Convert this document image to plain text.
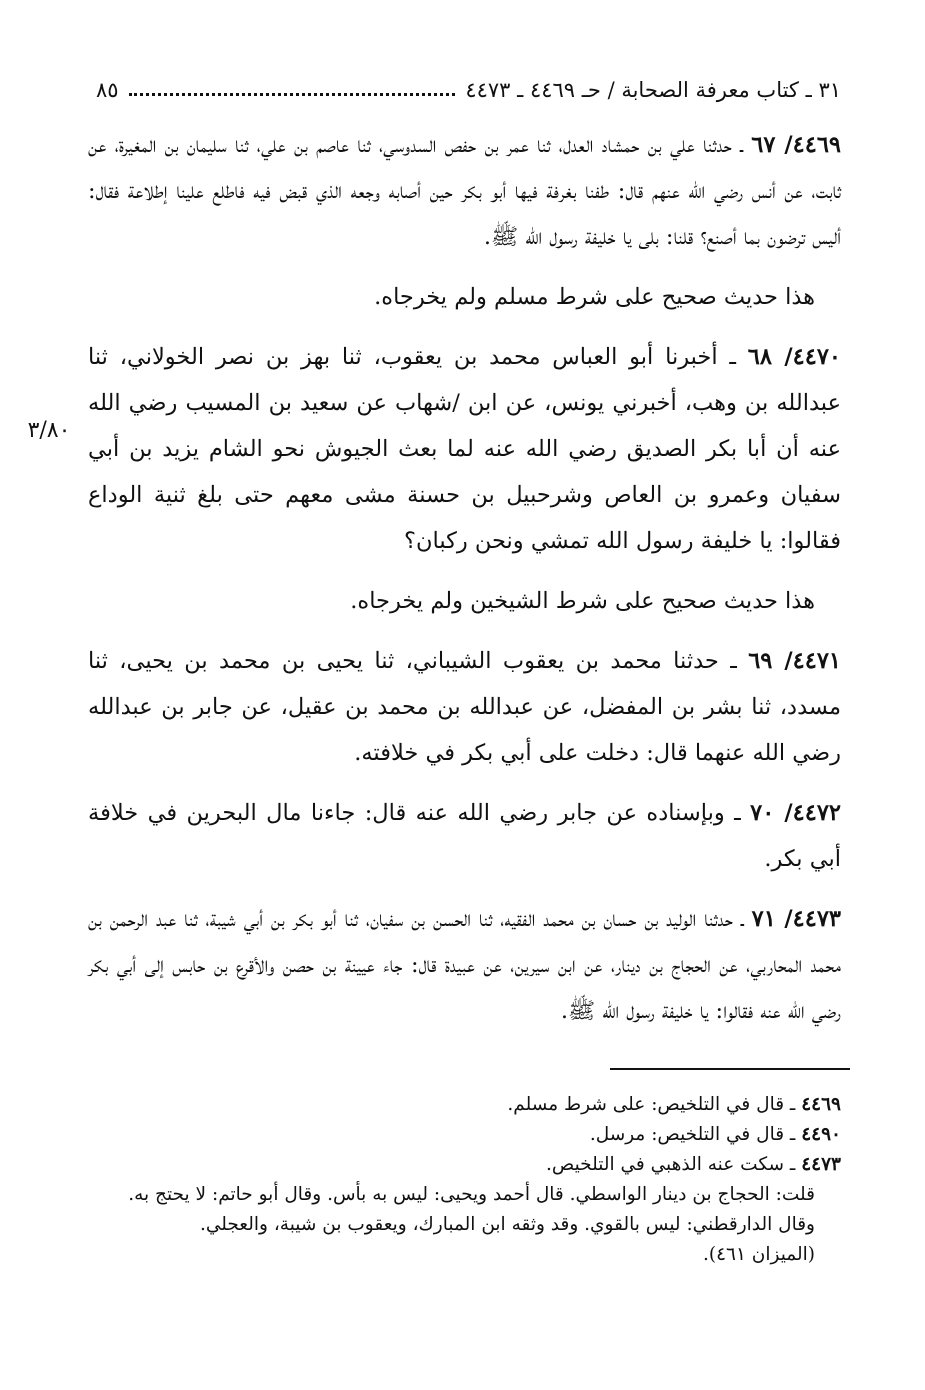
٣١ ـ كتاب معرفة الصحابة / حـ ٤٤٦٩ ـ ٤٤٧٣
٨٥
٣/٨٠

٤٤٦٩/ ٦٧ ـ حدثنا علي بن حمشاد العدل، ثنا عمر بن حفص السدوسي، ثنا عاصم بن علي، ثنا سليمان بن المغيرة، عن ثابت، عن أنس رضي الله عنهم قال: طفنا بغرفة فيها أبو بكر حين أصابه وجعه الذي قبض فيه فاطلع علينا إطلاعة فقال: أليس ترضون بما أصنع؟ قلنا: بلى يا خليفة رسول الله ﷺ.

هذا حديث صحيح على شرط مسلم ولم يخرجاه.

٤٤٧٠/ ٦٨ ـ أخبرنا أبو العباس محمد بن يعقوب، ثنا بهز بن نصر الخولاني، ثنا عبدالله بن وهب، أخبرني يونس، عن ابن /شهاب عن سعيد بن المسيب رضي الله عنه أن أبا بكر الصديق رضي الله عنه لما بعث الجيوش نحو الشام يزيد بن أبي سفيان وعمرو بن العاص وشرحبيل بن حسنة مشى معهم حتى بلغ ثنية الوداع فقالوا: يا خليفة رسول الله تمشي ونحن ركبان؟

هذا حديث صحيح على شرط الشيخين ولم يخرجاه.

٤٤٧١/ ٦٩ ـ حدثنا محمد بن يعقوب الشيباني، ثنا يحيى بن محمد بن يحيى، ثنا مسدد، ثنا بشر بن المفضل، عن عبدالله بن محمد بن عقيل، عن جابر بن عبدالله رضي الله عنهما قال: دخلت على أبي بكر في خلافته.

٤٤٧٢/ ٧٠ ـ وبإسناده عن جابر رضي الله عنه قال: جاءنا مال البحرين في خلافة أبي بكر.

٤٤٧٣/ ٧١ ـ حدثنا الوليد بن حسان بن محمد الفقيه، ثنا الحسن بن سفيان، ثنا أبو بكر بن أبي شيبة، ثنا عبد الرحمن بن محمد المحاربي، عن الحجاج بن دينار، عن ابن سيرين، عن عبيدة قال: جاء عيينة بن حصن والأقرع بن حابس إلى أبي بكر رضي الله عنه فقالوا: يا خليفة رسول الله ﷺ.

٤٤٦٩ ـ قال في التلخيص: على شرط مسلم.
٤٤٩٠ ـ قال في التلخيص: مرسل.
٤٤٧٣ ـ سكت عنه الذهبي في التلخيص.
قلت: الحجاج بن دينار الواسطي. قال أحمد ويحيى: ليس به بأس. وقال أبو حاتم: لا يحتج به.
وقال الدارقطني: ليس بالقوي. وقد وثقه ابن المبارك، ويعقوب بن شيبة، والعجلي.
(الميزان ٤٦١).
